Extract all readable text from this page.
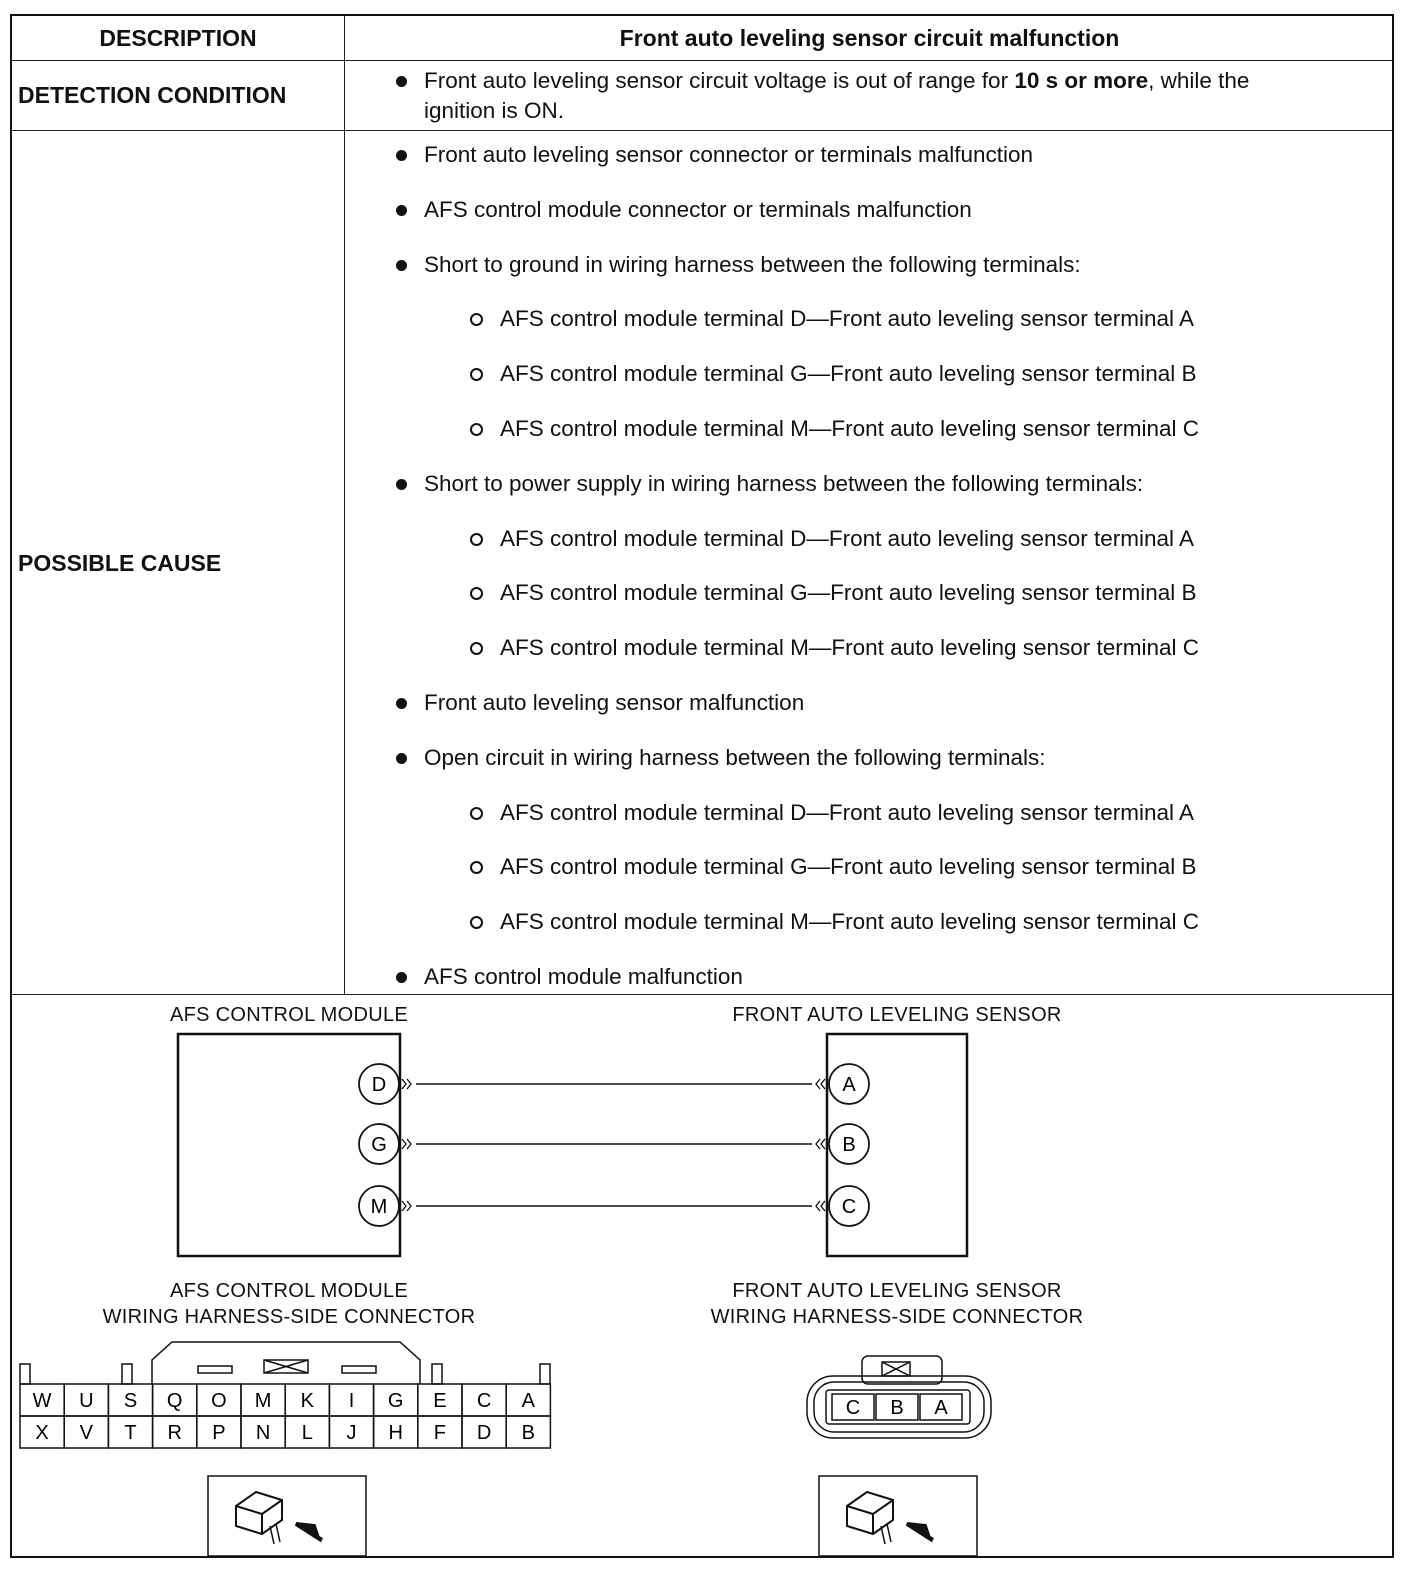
DESCRIPTION	Front auto leveling sensor circuit malfunction
DETECTION CONDITION
Front auto leveling sensor circuit voltage is out of range for 10 s or more, while the
ignition is ON.
POSSIBLE CAUSE
Front auto leveling sensor connector or terminals malfunction
AFS control module connector or terminals malfunction
Short to ground in wiring harness between the following terminals:
AFS control module terminal D—Front auto leveling sensor terminal A
AFS control module terminal G—Front auto leveling sensor terminal B
AFS control module terminal M—Front auto leveling sensor terminal C
Short to power supply in wiring harness between the following terminals:
AFS control module terminal D—Front auto leveling sensor terminal A
AFS control module terminal G—Front auto leveling sensor terminal B
AFS control module terminal M—Front auto leveling sensor terminal C
Front auto leveling sensor malfunction
Open circuit in wiring harness between the following terminals:
AFS control module terminal D—Front auto leveling sensor terminal A
AFS control module terminal G—Front auto leveling sensor terminal B
AFS control module terminal M—Front auto leveling sensor terminal C
AFS control module malfunction
D	A
G	B
M	C
W U S Q O M K I G E C A
X V T R P N L J H F D B
C B A
AFS CONTROL MODULE	FRONT AUTO LEVELING SENSOR
AFS CONTROL MODULE
WIRING HARNESS-SIDE CONNECTOR
FRONT AUTO LEVELING SENSOR
WIRING HARNESS-SIDE CONNECTOR
